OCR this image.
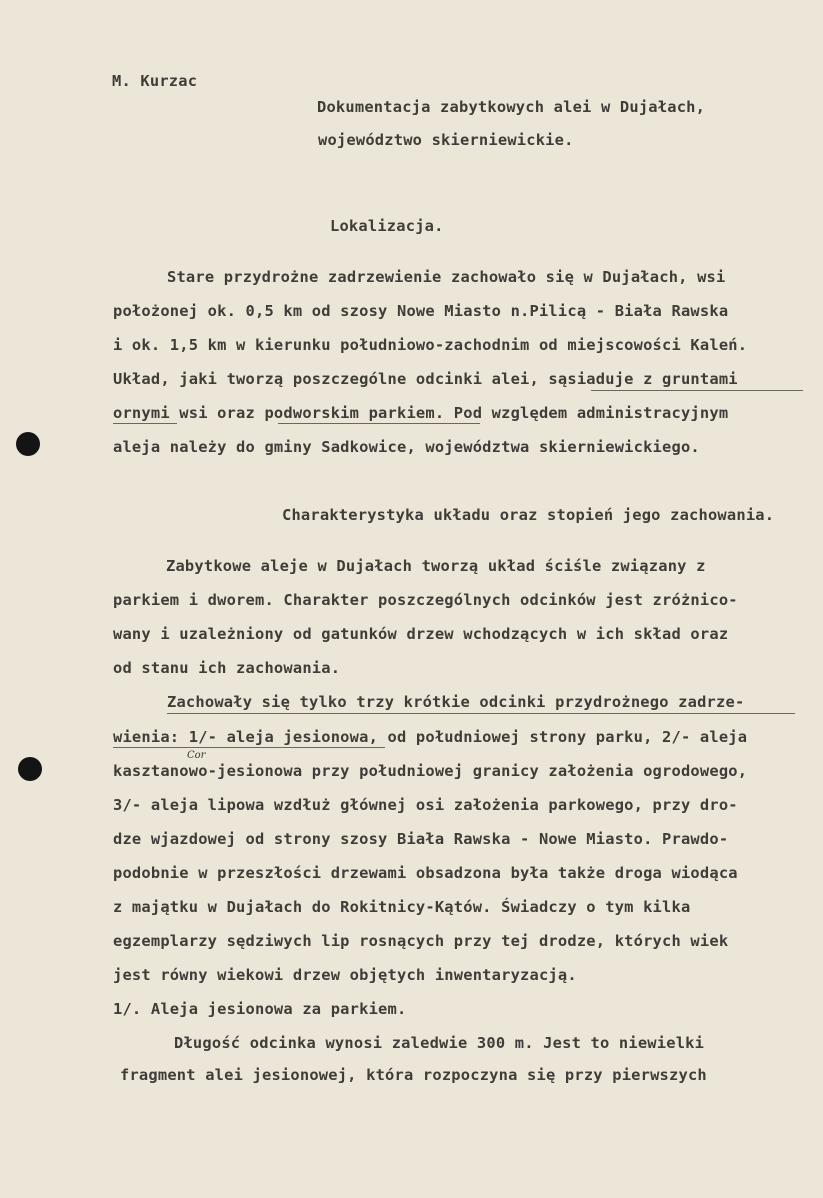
M. Kurzac
Dokumentacja zabytkowych alei w Dujałach,
województwo skierniewickie.
Lokalizacja.
Stare przydrożne zadrzewienie zachowało się w Dujałach, wsi
położonej ok. 0,5 km od szosy Nowe Miasto n.Pilicą - Biała Rawska
i ok. 1,5 km w kierunku południowo-zachodnim od miejscowości Kaleń.
Układ, jaki tworzą poszczególne odcinki alei, sąsiaduje z gruntami
ornymi wsi oraz podworskim parkiem. Pod względem administracyjnym
aleja należy do gminy Sadkowice, województwa skierniewickiego.
Charakterystyka układu oraz stopień jego zachowania.
Zabytkowe aleje w Dujałach tworzą układ ściśle związany z
parkiem i dworem. Charakter poszczególnych odcinków jest zróżnico-
wany i uzależniony od gatunków drzew wchodzących w ich skład oraz
od stanu ich zachowania.
Zachowały się tylko trzy krótkie odcinki przydrożnego zadrze-
wienia: 1/- aleja jesionowa, od południowej strony parku, 2/- aleja
kasztanowo-jesionowa przy południowej granicy założenia ogrodowego,
3/- aleja lipowa wzdłuż głównej osi założenia parkowego, przy dro-
dze wjazdowej od strony szosy Biała Rawska - Nowe Miasto. Prawdo-
podobnie w przeszłości drzewami obsadzona była także droga wiodąca
z majątku w Dujałach do Rokitnicy-Kątów. Świadczy o tym kilka
egzemplarzy sędziwych lip rosnących przy tej drodze, których wiek
jest równy wiekowi drzew objętych inwentaryzacją.
Cor
1/. Aleja jesionowa za parkiem.
Długość odcinka wynosi zaledwie 300 m. Jest to niewielki
fragment alei jesionowej, która rozpoczyna się przy pierwszych
